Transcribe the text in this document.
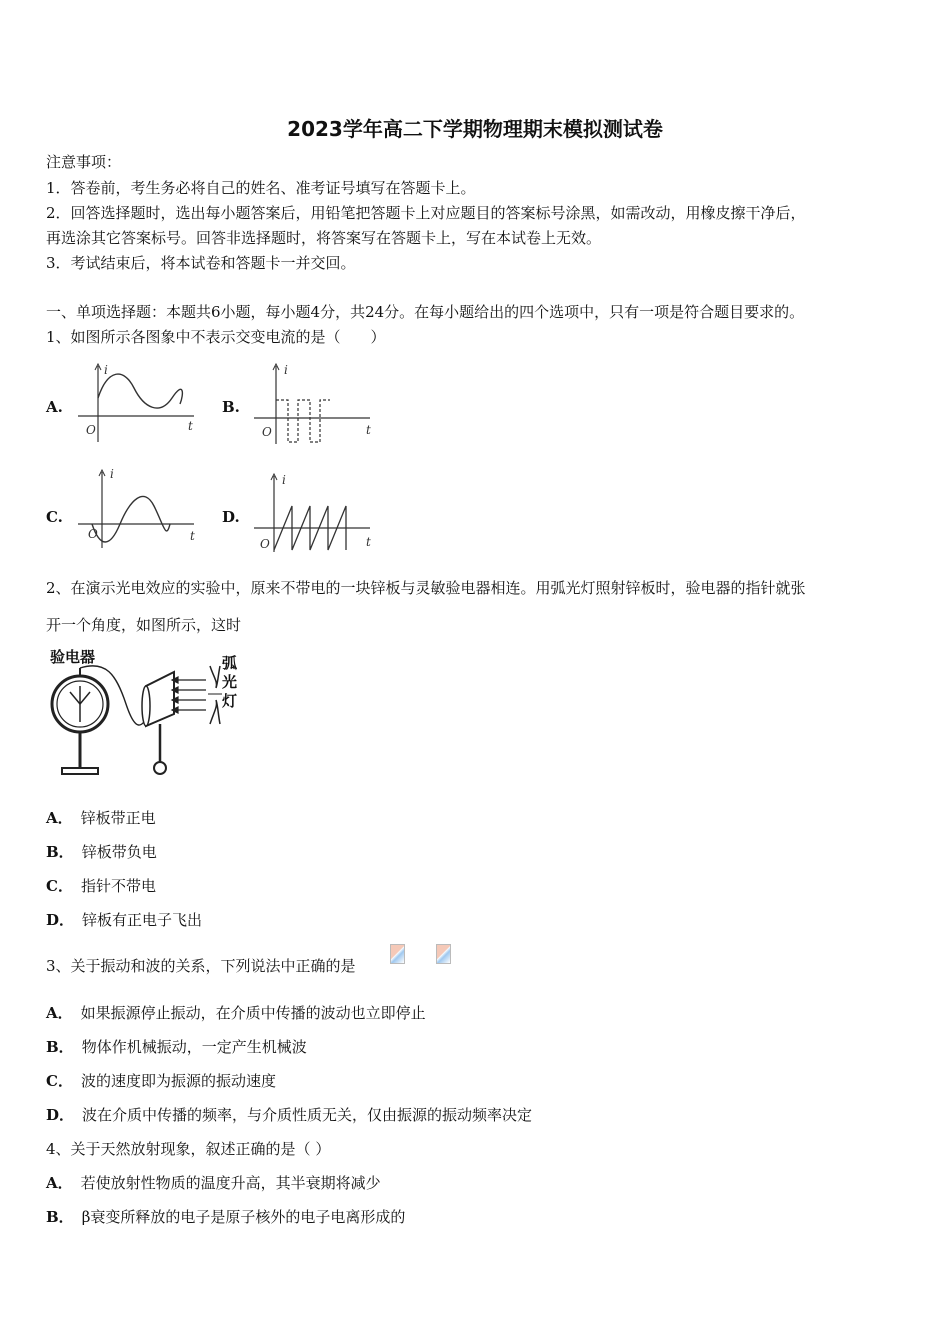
2023学年高二下学期物理期末模拟测试卷
注意事项：
1．答卷前，考生务必将自己的姓名、准考证号填写在答题卡上。
2．回答选择题时，选出每小题答案后，用铅笔把答题卡上对应题目的答案标号涂黑，如需改动，用橡皮擦干净后，
再选涂其它答案标号。回答非选择题时，将答案写在答题卡上，写在本试卷上无效。
3．考试结束后，将本试卷和答题卡一并交回。
一、单项选择题：本题共6小题，每小题4分，共24分。在每小题给出的四个选项中，只有一项是符合题目要求的。
1、如图所示各图象中不表示交变电流的是（　　）
A.
i
O	t
B.
i
O	t
C.
i
O	t
D.
i
O	t
2、在演示光电效应的实验中，原来不带电的一块锌板与灵敏验电器相连。用弧光灯照射锌板时，验电器的指针就张
开一个角度，如图所示，这时
验电器	弧
光
灯
A． 锌板带正电
B． 锌板带负电
C． 指针不带电
D． 锌板有正电子飞出
3、关于振动和波的关系，下列说法中正确的是
A． 如果振源停止振动，在介质中传播的波动也立即停止
B． 物体作机械振动，一定产生机械波
C． 波的速度即为振源的振动速度
D． 波在介质中传播的频率，与介质性质无关，仅由振源的振动频率决定
4、关于天然放射现象，叙述正确的是（ ）
A． 若使放射性物质的温度升高，其半衰期将减少
B． β衰变所释放的电子是原子核外的电子电离形成的
